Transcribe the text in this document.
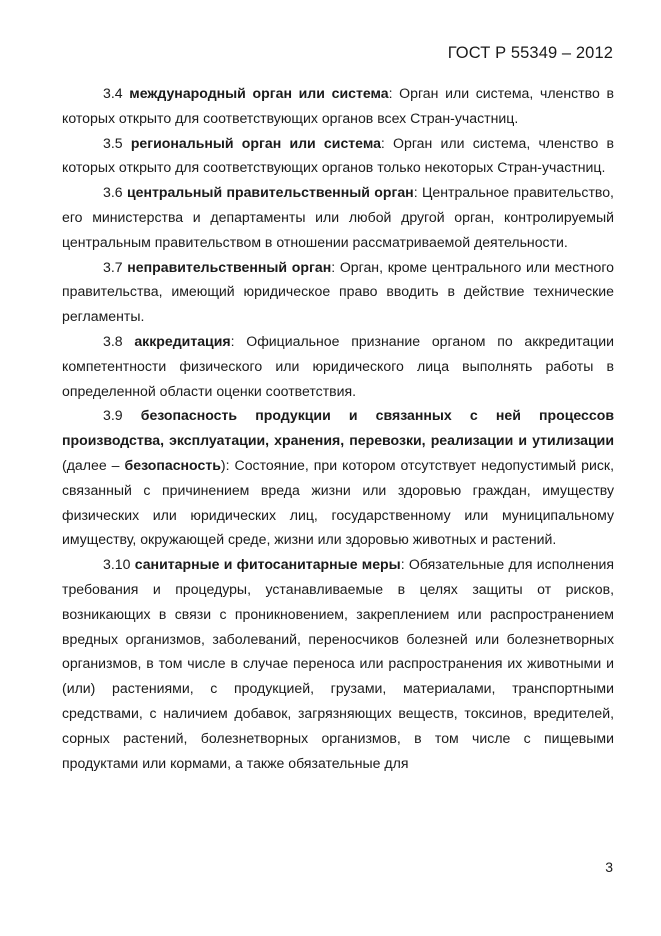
ГОСТ Р 55349 – 2012

3.4 международный орган или система: Орган или система, членство в которых открыто для соответствующих органов всех Стран-участниц.

3.5 региональный орган или система: Орган или система, членство в которых открыто для соответствующих органов только некоторых Стран-участниц.

3.6 центральный правительственный орган: Центральное правительство, его министерства и департаменты или любой другой орган, контролируемый центральным правительством в отношении рассматриваемой деятельности.

3.7 неправительственный орган: Орган, кроме центрального или местного правительства, имеющий юридическое право вводить в действие технические регламенты.

3.8 аккредитация: Официальное признание органом по аккредитации компетентности физического или юридического лица выполнять работы в определенной области оценки соответствия.

3.9 безопасность продукции и связанных с ней процессов производства, эксплуатации, хранения, перевозки, реализации и утилизации (далее – безопасность): Состояние, при котором отсутствует недопустимый риск, связанный с причинением вреда жизни или здоровью граждан, имуществу физических или юридических лиц, государственному или муниципальному имуществу, окружающей среде, жизни или здоровью животных и растений.

3.10 санитарные и фитосанитарные меры: Обязательные для исполнения требования и процедуры, устанавливаемые в целях защиты от рисков, возникающих в связи с проникновением, закреплением или распространением вредных организмов, заболеваний, переносчиков болезней или болезнетворных организмов, в том числе в случае переноса или распространения их животными и (или) растениями, с продукцией, грузами, материалами, транспортными средствами, с наличием добавок, загрязняющих веществ, токсинов, вредителей, сорных растений, болезнетворных организмов, в том числе с пищевыми продуктами или кормами, а также обязательные для

3
